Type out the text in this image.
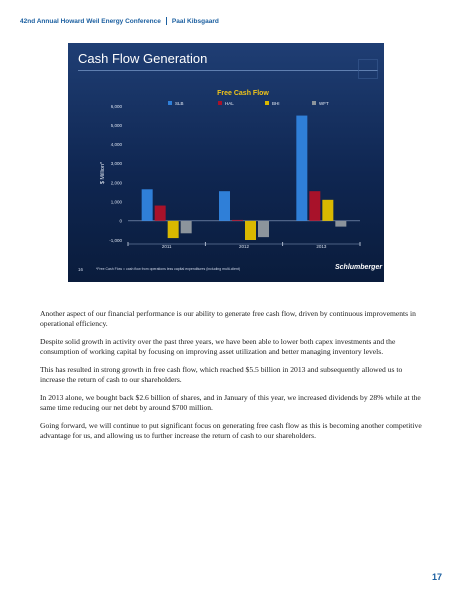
42nd Annual Howard Weil Energy Conference Paal Kibsgaard
Cash Flow Generation
Free Cash Flow
SLB	HAL	BHI	WFT
$ Million*
-1,000
0
1,000
2,000
3,000
4,000
5,000
6,000
2011	2012	2013
16	*Free Cash Flow = cash flow from operations less capital expenditures (including multi-client)	Schlumberger

Another aspect of our financial performance is our ability to generate free cash flow, driven by continuous improvements in operational efficiency.

Despite solid growth in activity over the past three years, we have been able to lower both capex investments and the consumption of working capital by focusing on improving asset utilization and better managing inventory levels.

This has resulted in strong growth in free cash flow, which reached $5.5 billion in 2013 and subsequently allowed us to increase the return of cash to our shareholders.

In 2013 alone, we bought back $2.6 billion of shares, and in January of this year, we increased dividends by 28% while at the same time reducing our net debt by around $700 million.

Going forward, we will continue to put significant focus on generating free cash flow as this is becoming another competitive advantage for us, and allowing us to further increase the return of cash to our shareholders.

17
